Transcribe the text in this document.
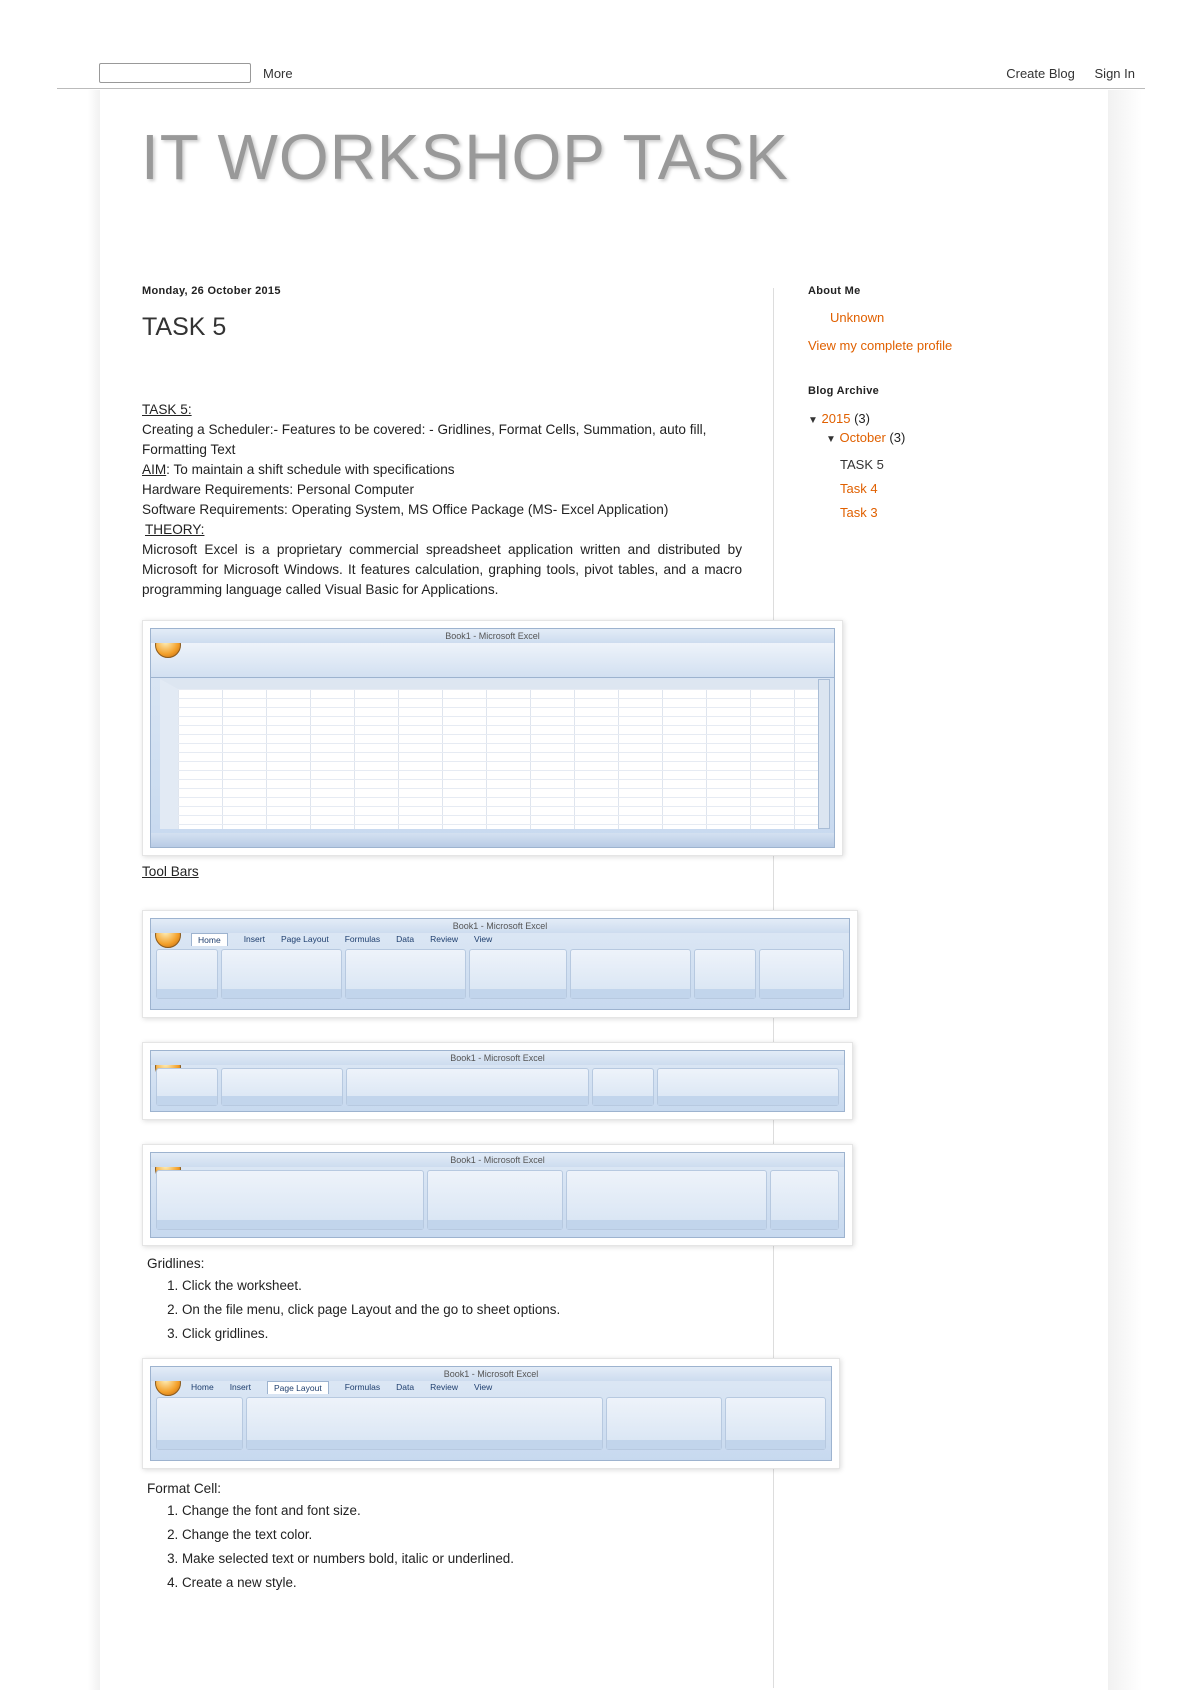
More	Create Blog Sign In
IT WORKSHOP TASK
Monday, 26 October 2015
TASK 5

TASK 5:

Creating a Scheduler:- Features to be covered: - Gridlines, Format Cells, Summation, auto fill, Formatting Text

AIM: To maintain a shift schedule with specifications

Hardware Requirements: Personal Computer

Software Requirements: Operating System, MS Office Package (MS- Excel Application)

THEORY:

Microsoft Excel is a proprietary commercial spreadsheet application written and distributed by Microsoft for Microsoft Windows. It features calculation, graphing tools, pivot tables, and a macro programming language called Visual Basic for Applications.

Book1 - Microsoft Excel
Tool Bars
Book1 - Microsoft Excel
Home	Insert Page Layout Formulas Data Review View
Book1 - Microsoft Excel
Book1 - Microsoft Excel
Gridlines:
1. Click the worksheet.
2. On the file menu, click page Layout and the go to sheet options.
3. Click gridlines.
Book1 - Microsoft Excel
Home Insert	Page Layout	Formulas Data Review View
Format Cell:
1. Change the font and font size.
2. Change the text color.
3. Make selected text or numbers bold, italic or underlined.
4. Create a new style.
About Me
Unknown
View my complete profile
Blog Archive
▼ 2015 (3)
▼ October (3)
TASK 5
Task 4
Task 3
